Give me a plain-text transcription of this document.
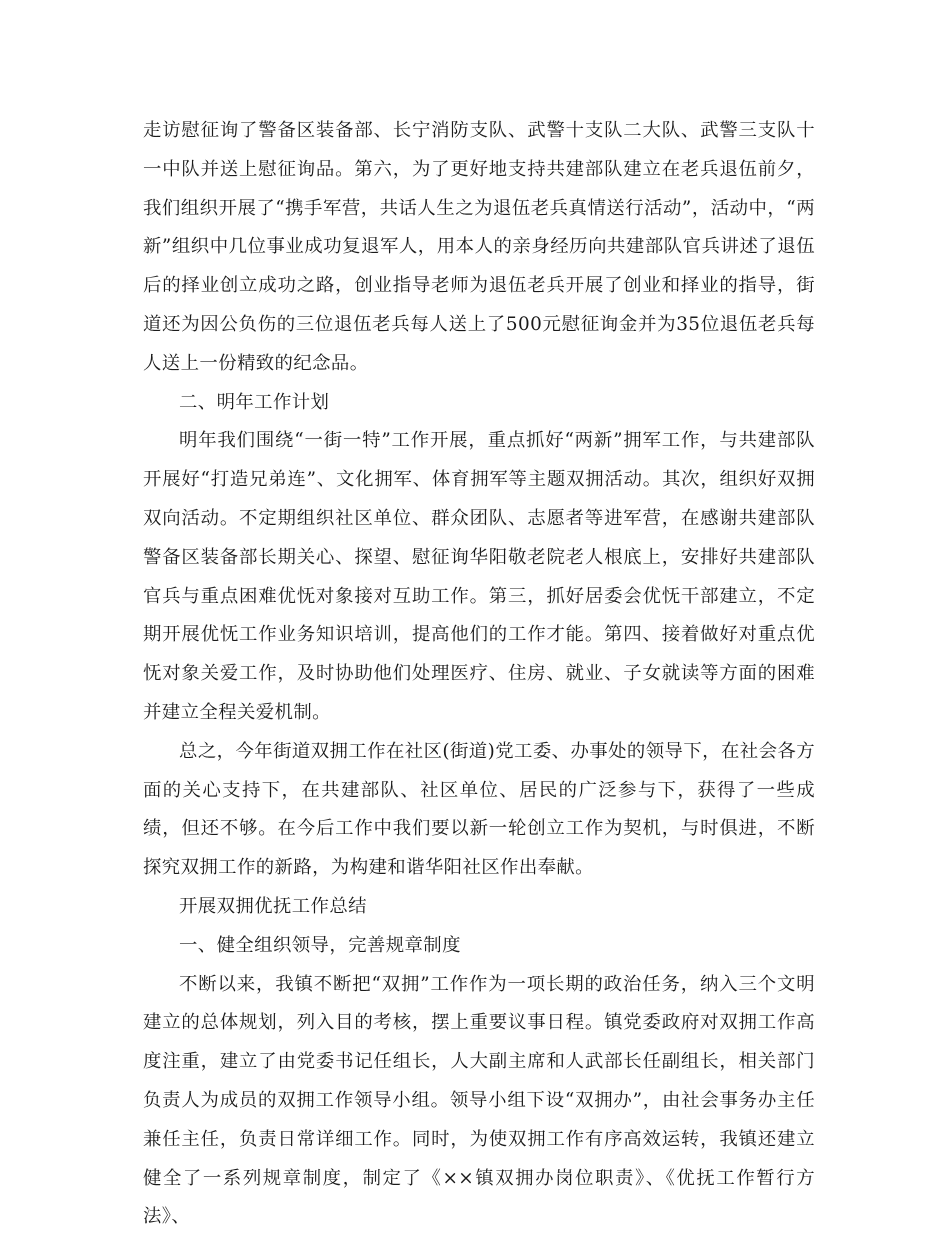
走访慰征询了警备区装备部、长宁消防支队、武警十支队二大队、武警三支队十一中队并送上慰征询品。第六，为了更好地支持共建部队建立在老兵退伍前夕，我们组织开展了“携手军营，共话人生之为退伍老兵真情送行活动”，活动中，“两新”组织中几位事业成功复退军人，用本人的亲身经历向共建部队官兵讲述了退伍后的择业创立成功之路，创业指导老师为退伍老兵开展了创业和择业的指导，街道还为因公负伤的三位退伍老兵每人送上了500元慰征询金并为35位退伍老兵每人送上一份精致的纪念品。

二、明年工作计划

明年我们围绕“一街一特”工作开展，重点抓好“两新”拥军工作，与共建部队开展好“打造兄弟连”、文化拥军、体育拥军等主题双拥活动。其次，组织好双拥双向活动。不定期组织社区单位、群众团队、志愿者等进军营，在感谢共建部队警备区装备部长期关心、探望、慰征询华阳敬老院老人根底上，安排好共建部队官兵与重点困难优怃对象接对互助工作。第三，抓好居委会优怃干部建立，不定期开展优怃工作业务知识培训，提高他们的工作才能。第四、接着做好对重点优怃对象关爱工作，及时协助他们处理医疗、住房、就业、子女就读等方面的困难并建立全程关爱机制。

总之，今年街道双拥工作在社区(街道)党工委、办事处的领导下，在社会各方面的关心支持下，在共建部队、社区单位、居民的广泛参与下，获得了一些成绩，但还不够。在今后工作中我们要以新一轮创立工作为契机，与时俱进，不断探究双拥工作的新路，为构建和谐华阳社区作出奉献。

开展双拥优抚工作总结

一、健全组织领导，完善规章制度

不断以来，我镇不断把“双拥”工作作为一项长期的政治任务，纳入三个文明建立的总体规划，列入目的考核，摆上重要议事日程。镇党委政府对双拥工作高度注重，建立了由党委书记任组长，人大副主席和人武部长任副组长，相关部门负责人为成员的双拥工作领导小组。领导小组下设“双拥办”，由社会事务办主任兼任主任，负责日常详细工作。同时，为使双拥工作有序高效运转，我镇还建立健全了一系列规章制度，制定了《××镇双拥办岗位职责》、《优抚工作暂行方法》、
